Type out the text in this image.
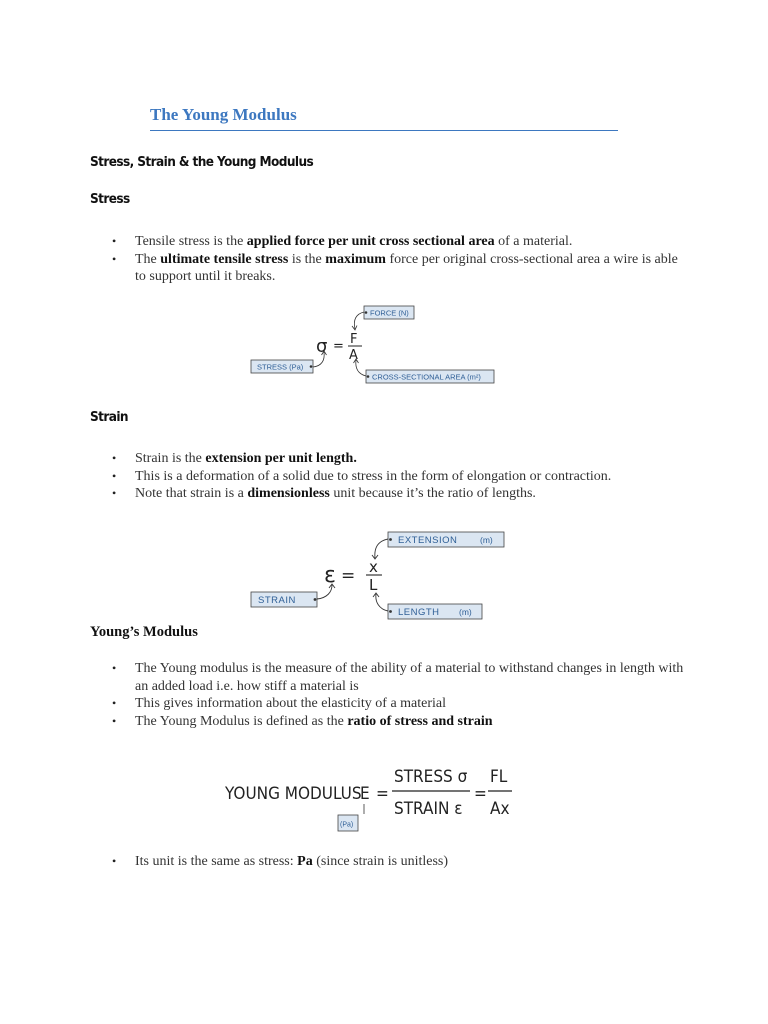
The Young Modulus
Stress, Strain & the Young Modulus
Stress
• Tensile stress is the applied force per unit cross sectional area of a material.
• The ultimate tensile stress is the maximum force per original cross-sectional area a wire is able to support until it breaks.
FORCE (N)
σ = F
A
STRESS (Pa)
CROSS-SECTIONAL AREA (m²)
Strain
• Strain is the extension per unit length.
• This is a deformation of a solid due to stress in the form of elongation or contraction.
• Note that strain is a dimensionless unit because it’s the ratio of lengths.
EXTENSION	(m)
ε = x
L
STRAIN
LENGTH (m)
Young’s Modulus
• The Young modulus is the measure of the ability of a material to withstand changes in length with an added load i.e. how stiff a material is
• This gives information about the elasticity of a material
• The Young Modulus is defined as the ratio of stress and strain
YOUNG MODULUS
E =
STRESS σ
STRAIN ε
=
FL
Ax
(Pa)
• Its unit is the same as stress: Pa (since strain is unitless)
